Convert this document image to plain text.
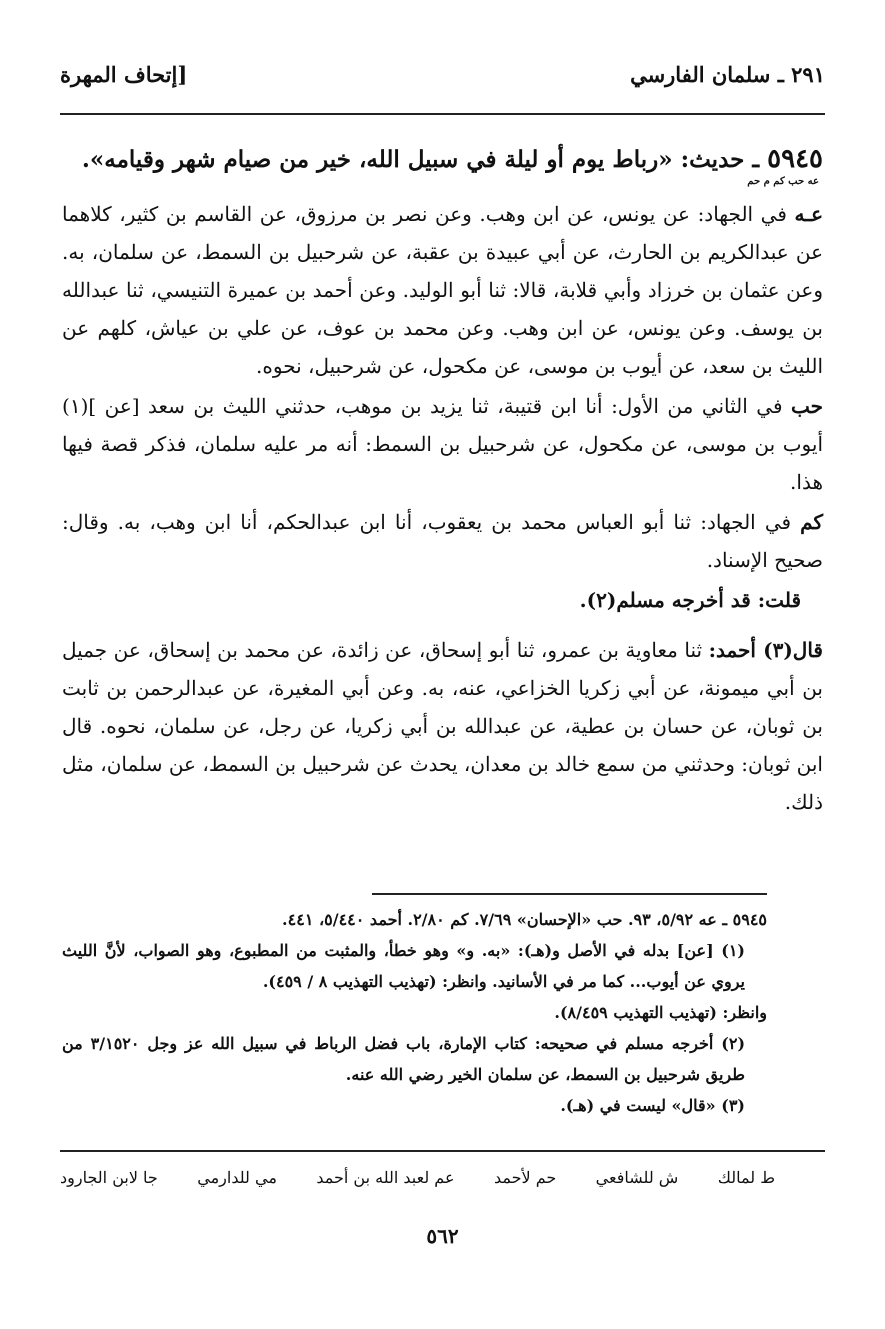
٢٩١ ـ سلمان الفارسي
[إتحاف المهرة
٥٩٤٥ ـ حديث: «رباط يوم أو ليلة في سبيل الله، خير من صيام شهر وقيامه».
عه حب كم م حم

عـه في الجهاد: عن يونس، عن ابن وهب. وعن نصر بن مرزوق، عن القاسم بن كثير، كلاهما عن عبدالكريم بن الحارث، عن أبي عبيدة بن عقبة، عن شرحبيل بن السمط، عن سلمان، به. وعن عثمان بن خرزاد وأبي قلابة، قالا: ثنا أبو الوليد. وعن أحمد بن عميرة التنيسي، ثنا عبدالله بن يوسف. وعن يونس، عن ابن وهب. وعن محمد بن عوف، عن علي بن عياش، كلهم عن الليث بن سعد، عن أيوب بن موسى، عن مكحول، عن شرحبيل، نحوه.

حب في الثاني من الأول: أنا ابن قتيبة، ثنا يزيد بن موهب، حدثني الليث بن سعد [عن ](١) أيوب بن موسى، عن مكحول، عن شرحبيل بن السمط: أنه مر عليه سلمان، فذكر قصة فيها هذا.

كم في الجهاد: ثنا أبو العباس محمد بن يعقوب، أنا ابن عبدالحكم، أنا ابن وهب، به. وقال: صحيح الإسناد.

قلت: قد أخرجه مسلم(٢).

قال(٣) أحمد: ثنا معاوية بن عمرو، ثنا أبو إسحاق، عن زائدة، عن محمد بن إسحاق، عن جميل بن أبي ميمونة، عن أبي زكريا الخزاعي، عنه، به. وعن أبي المغيرة، عن عبدالرحمن بن ثابت بن ثوبان، عن حسان بن عطية، عن عبدالله بن أبي زكريا، عن رجل، عن سلمان، نحوه. قال ابن ثوبان: وحدثني من سمع خالد بن معدان، يحدث عن شرحبيل بن السمط، عن سلمان، مثل ذلك.

٥٩٤٥ ـ عه ٥/٩٢، ٩٣. حب «الإحسان» ٧/٦٩. كم ٢/٨٠. أحمد ٥/٤٤٠، ٤٤١.

(١) [عن] بدله في الأصل و(هـ): «به. و» وهو خطأ، والمثبت من المطبوع، وهو الصواب، لأنَّ الليث يروي عن أيوب... كما مر في الأسانيد. وانظر: (تهذيب التهذيب ٨ / ٤٥٩).

وانظر: (تهذيب التهذيب ٨/٤٥٩).

(٢) أخرجه مسلم في صحيحه: كتاب الإمارة، باب فضل الرباط في سبيل الله عز وجل ٣/١٥٢٠ من طريق شرحبيل بن السمط، عن سلمان الخير رضي الله عنه.

(٣) «قال» ليست في (هـ).

ط لمالك
ش للشافعي
حم لأحمد
عم لعبد الله بن أحمد
مي للدارمي
جا لابن الجارود
٥٦٢
